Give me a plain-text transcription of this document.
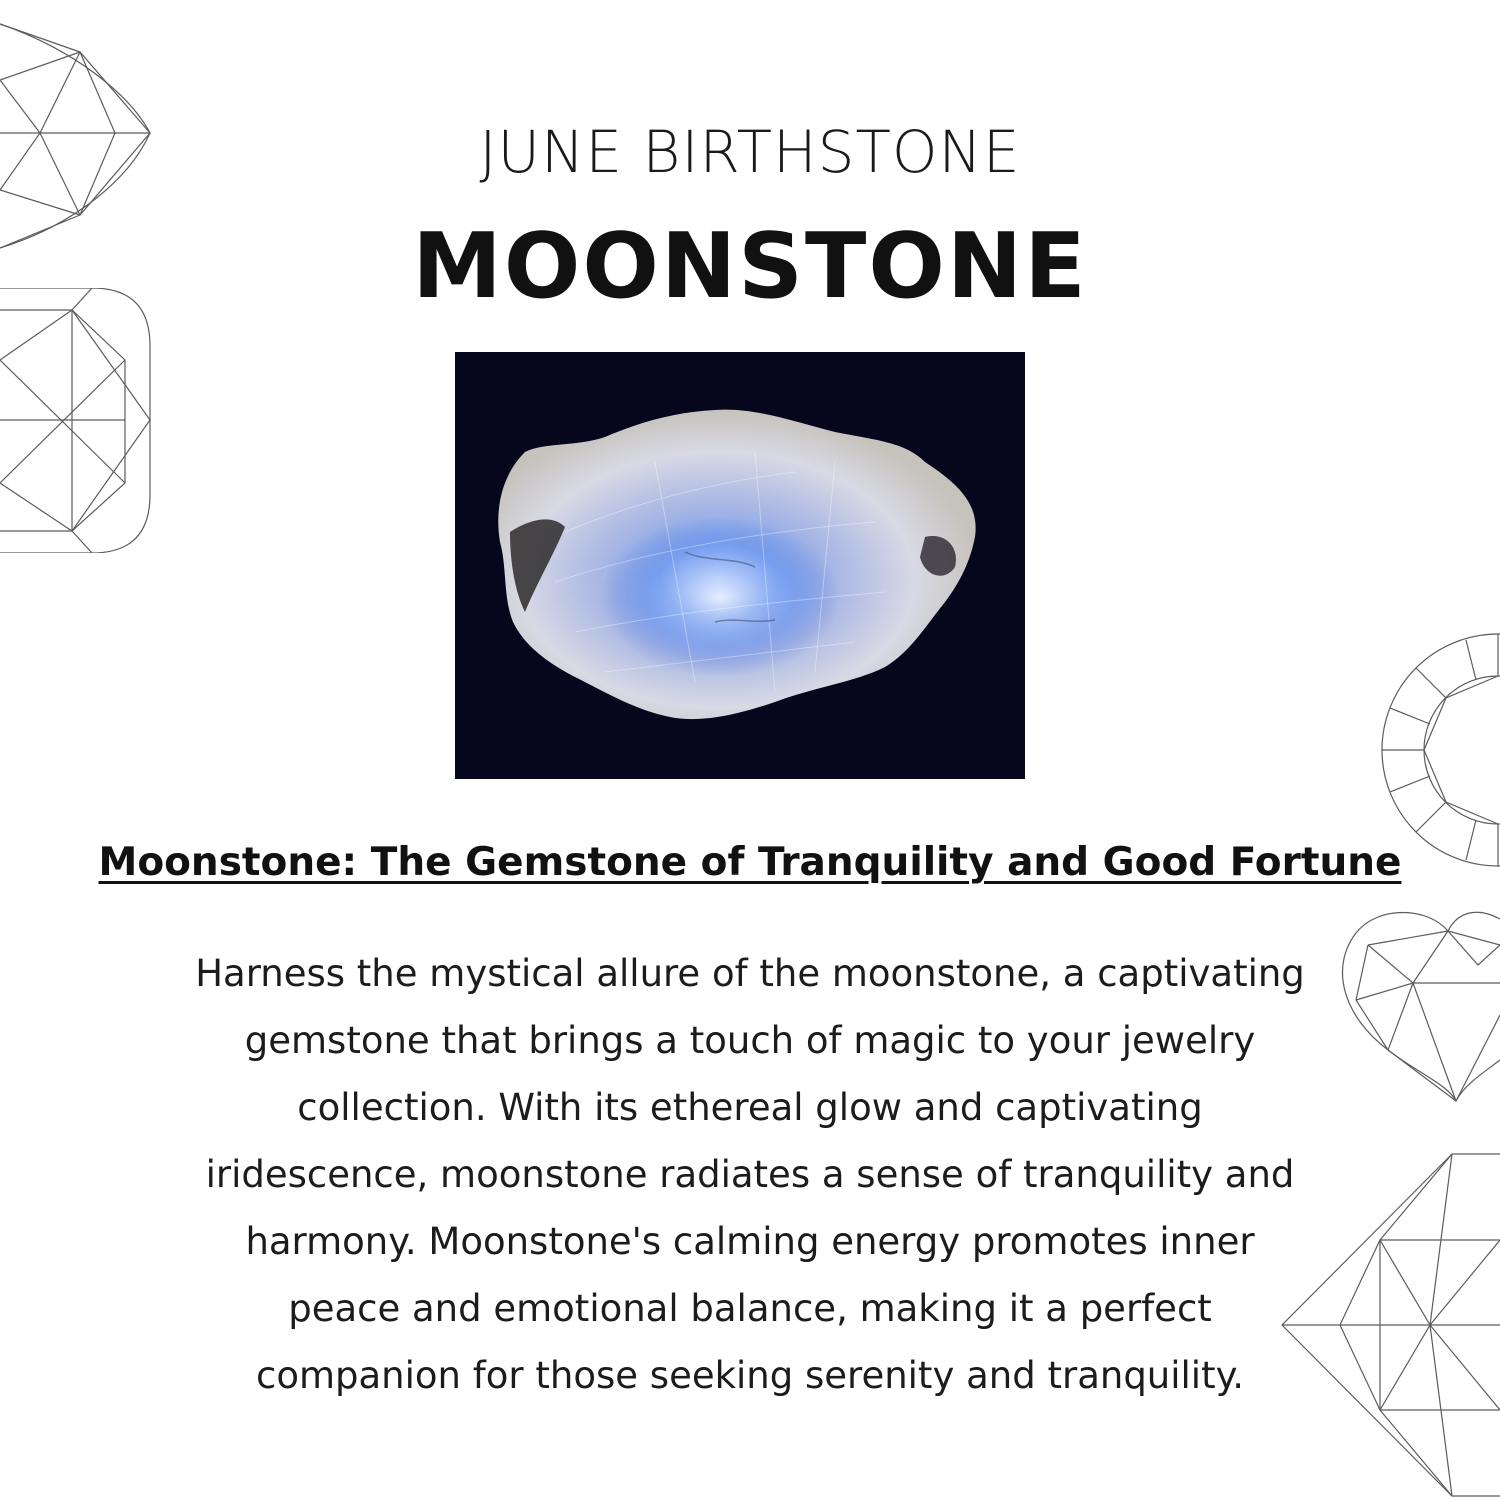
JUNE BIRTHSTONE
MOONSTONE
Moonstone: The Gemstone of Tranquility and Good Fortune
Harness the mystical allure of the moonstone, a captivating gemstone that brings a touch of magic to your jewelry collection. With its ethereal glow and captivating iridescence, moonstone radiates a sense of tranquility and harmony. Moonstone's calming energy promotes inner peace and emotional balance, making it a perfect companion for those seeking serenity and tranquility.
